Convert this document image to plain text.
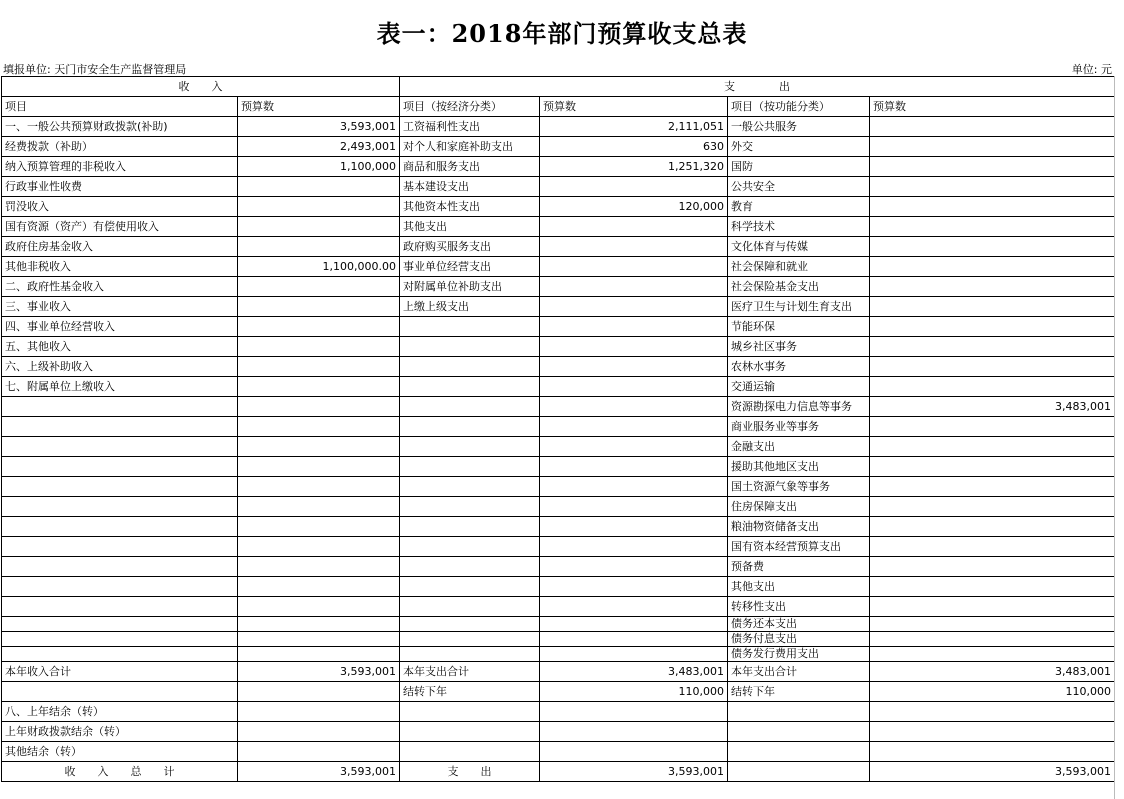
表一：2018年部门预算收支总表
填报单位: 天门市安全生产监督管理局	单位: 元
收　　入		支　　　　出			
项目	预算数	项目（按经济分类）	预算数	项目（按功能分类）	预算数
一、一般公共预算财政拨款(补助)	3,593,001	工资福利性支出	2,111,051	一般公共服务	
经费拨款（补助）	2,493,001	对个人和家庭补助支出	630	外交	
纳入预算管理的非税收入	1,100,000	商品和服务支出	1,251,320	国防	
行政事业性收费		基本建设支出		公共安全	
罚没收入		其他资本性支出	120,000	教育	
国有资源（资产）有偿使用收入		其他支出		科学技术	
政府住房基金收入		政府购买服务支出		文化体育与传媒	
其他非税收入	1,100,000.00	事业单位经营支出		社会保障和就业	
二、政府性基金收入		对附属单位补助支出		社会保险基金支出	
三、事业收入		上缴上级支出		医疗卫生与计划生育支出	
四、事业单位经营收入				节能环保	
五、其他收入				城乡社区事务	
六、上级补助收入				农林水事务	
七、附属单位上缴收入				交通运输	
				资源勘探电力信息等事务	3,483,001
				商业服务业等事务	
				金融支出	
				援助其他地区支出	
				国土资源气象等事务	
				住房保障支出	
				粮油物资储备支出	
				国有资本经营预算支出	
				预备费	
				其他支出	
				转移性支出	
				债务还本支出	
				债务付息支出	
				债务发行费用支出	
本年收入合计	3,593,001	本年支出合计	3,483,001	本年支出合计	3,483,001
		结转下年	110,000	结转下年	110,000
八、上年结余（转）					
上年财政拨款结余（转）					
其他结余（转）					
收　　入　　总　　计	3,593,001	支　　出	3,593,001		3,593,001
